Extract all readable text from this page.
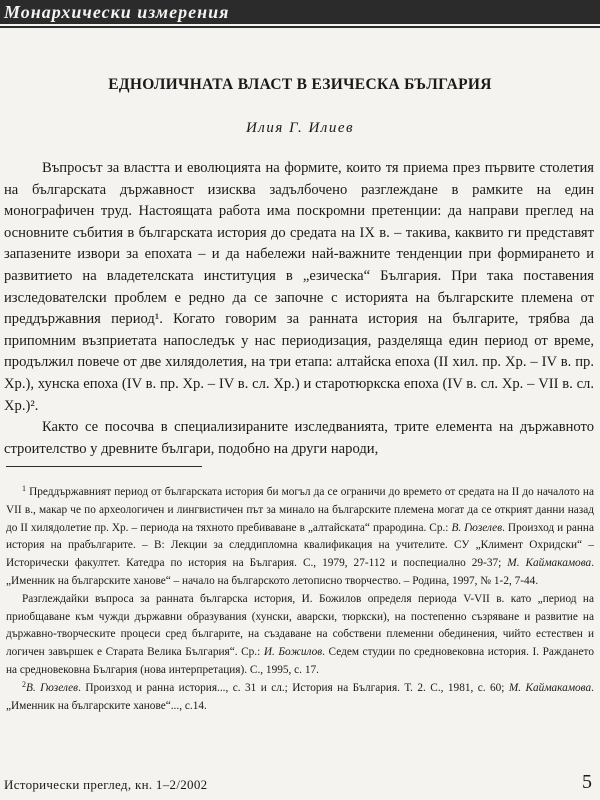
Монархически измерения
ЕДНОЛИЧНАТА ВЛАСТ В ЕЗИЧЕСКА БЪЛГАРИЯ
Илия Г. Илиев

Въпросът за властта и еволюцията на формите, които тя приема през първите столетия на българската държавност изисква задълбочено разглеждане в рамките на един монографичен труд. Настоящата работа има поскромни претенции: да направи преглед на основните събития в българската история до средата на IX в. – такива, каквито ги представят запазените извори за епохата – и да набележи най-важните тенденции при формирането и развитието на владетелската институция в „езическа“ България. При така поставения изследователски проблем е редно да се започне с историята на българските племена от преддържавния период¹. Когато говорим за ранната история на българите, трябва да припомним възприетата напоследък у нас периодизация, разделяща един период от време, продължил повече от две хилядолетия, на три етапа: алтайска епоха (II хил. пр. Хр. – IV в. пр. Хр.), хунска епоха (IV в. пр. Хр. – IV в. сл. Хр.) и старотюркска епоха (IV в. сл. Хр. – VII в. сл. Хр.)².

Както се посочва в специализираните изследванията, трите елемента на държавното строителство у древните българи, подобно на други народи,

$^1$ Преддържавният период от българската история би могъл да се ограничи до времето от средата на II до началото на VII в., макар че по археологичен и лингвистичен път за минало на българските племена могат да се открият данни назад до II хилядолетие пр. Хр. – периода на тяхното пребиваване в „алтайската“ прародина. Ср.: В. Гюзелев. Произход и ранна история на прабългарите. – В: Лекции за следдипломна квалификация на учителите. СУ „Климент Охридски“ – Исторически факултет. Катедра по история на България. С., 1979, 27-112 и поспециално 29-37; М. Каймакамова. „Именник на българските ханове“ – начало на българското летописно творчество. – Родина, 1997, № 1-2, 7-44.

Разглеждайки въпроса за ранната българска история, И. Божилов определя периода V-VII в. като „период на приобщаване към чужди държавни образувания (хунски, аварски, тюркски), на постепенно съзряване и развитие на държавно-творческите процеси сред българите, на създаване на собствени племенни обединения, чийто естествен и логичен завършек е Старата Велика България“. Ср.: И. Божилов. Седем студии по средновековна история. I. Раждането на средновековна България (нова интерпретация). С., 1995, с. 17.

$^2$В. Гюзелев. Произход и ранна история..., с. 31 и сл.; История на България. Т. 2. С., 1981, с. 60; М. Каймакамова. „Именник на българските ханове“..., с.14.

Исторически преглед, кн. 1–2/2002	5
